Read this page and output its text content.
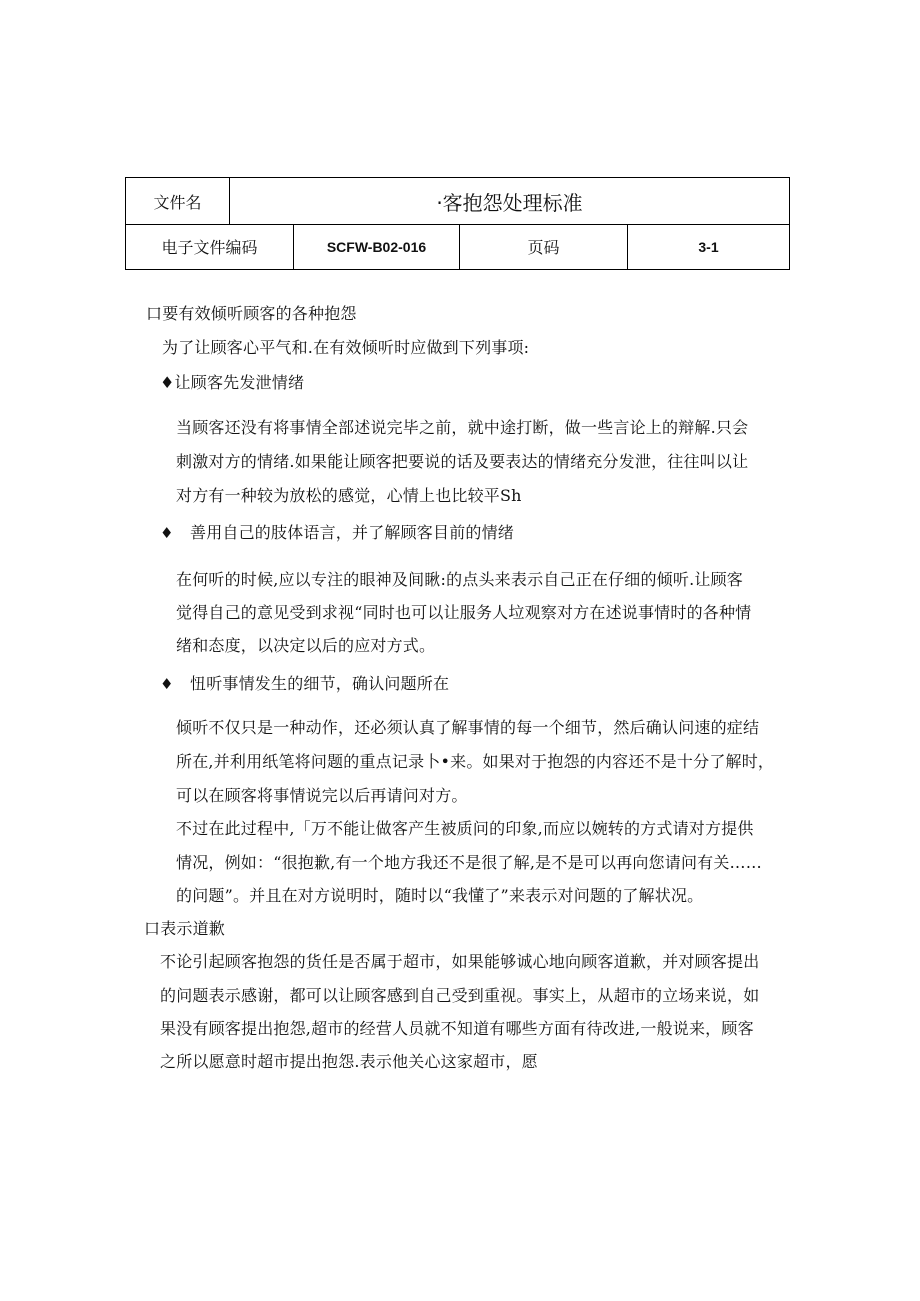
文件名	·客抱怨处理标准
电子文件编码	SCFW-B02-016	页码	3-1
口要有效倾听顾客的各种抱怨
为了让顾客心平气和.在有效倾听时应做到下列事项:
♦让顾客先发泄情绪
当顾客还没有将事情全部述说完毕之前，就中途打断，做一些言论上的辩解.只会
刺激对方的情绪.如果能让顾客把要说的话及要表达的情绪充分发泄，往往叫以让
对方有一种较为放松的感觉，心情上也比较平Sh
♦ 善用自己的肢体语言，并了解顾客目前的情绪
在何听的时候,应以专注的眼神及间瞅:的点头来表示自己正在仔细的倾听.让顾客
觉得自己的意见受到求视“同时也可以让服务人垃观察对方在述说事情时的各种情
绪和态度，以决定以后的应对方式。
♦ 忸听事情发生的细节，确认问题所在
倾听不仅只是一种动作，还必须认真了解事情的每一个细节，然后确认问速的症结
所在,并利用纸笔将问题的重点记录卜•来。如果对于抱怨的内容还不是十分了解时，
可以在顾客将事情说完以后再请问对方。
不过在此过程中,「万不能让做客产生被质问的印象,而应以婉转的方式请对方提供
情况，例如：“很抱歉,有一个地方我还不是很了解,是不是可以再向您请问有关……
的问题”。并且在对方说明时，随时以“我懂了”来表示对问题的了解状况。
口表示道歉
不论引起顾客抱怨的货任是否属于超市，如果能够诚心地向顾客道歉，并对顾客提出
的问题表示感谢，都可以让顾客感到自己受到重视。事实上，从超市的立场来说，如
果没有顾客提出抱怨,超市的经营人员就不知道有哪些方面有待改进,一般说来，顾客
之所以愿意时超市提出抱怨.表示他关心这家超市，愿
